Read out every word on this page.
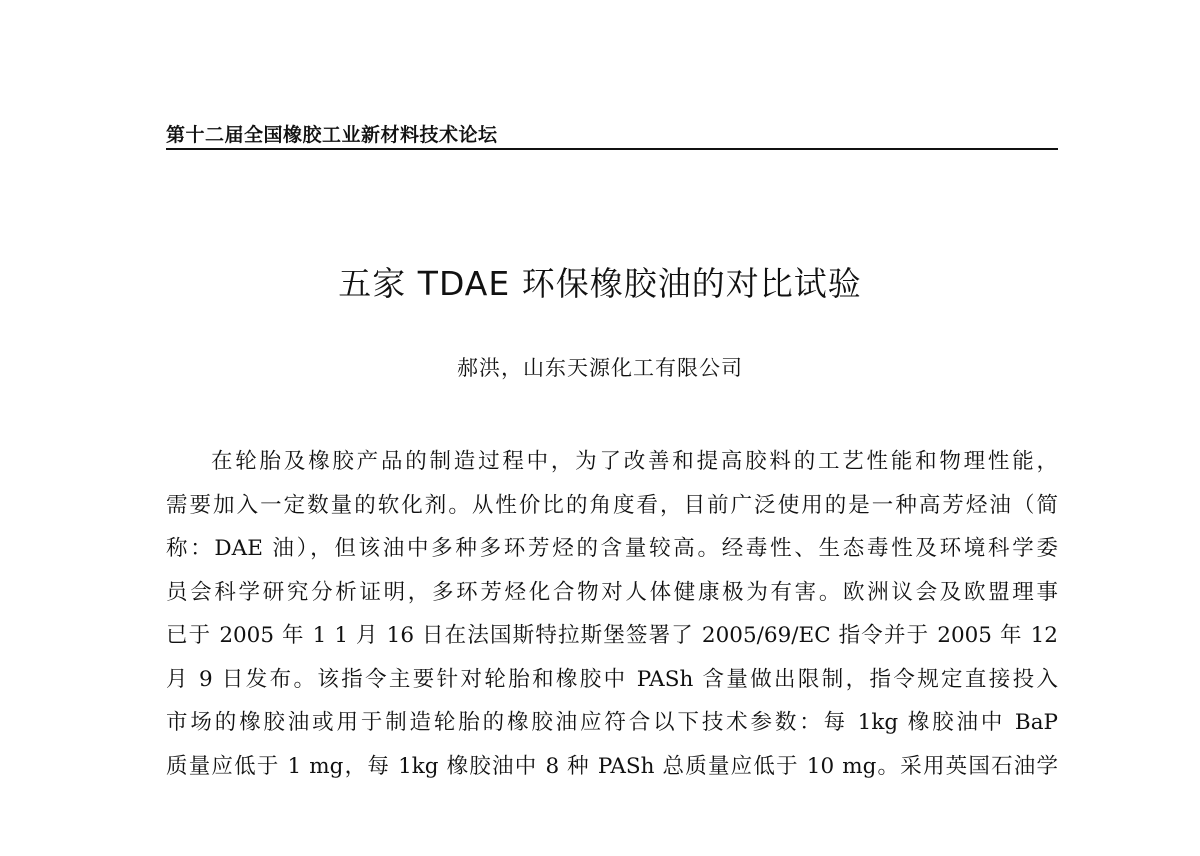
第十二届全国橡胶工业新材料技术论坛
五家 TDAE 环保橡胶油的对比试验
郝洪，山东天源化工有限公司
在轮胎及橡胶产品的制造过程中，为了改善和提高胶料的工艺性能和物理性能，
需要加入一定数量的软化剂。从性价比的角度看，目前广泛使用的是一种高芳烃油（简
称：DAE 油），但该油中多种多环芳烃的含量较高。经毒性、生态毒性及环境科学委
员会科学研究分析证明，多环芳烃化合物对人体健康极为有害。欧洲议会及欧盟理事
已于 2005 年 1 1 月 16 日在法国斯特拉斯堡签署了 2005/69/EC 指令并于 2005 年 12
月 9 日发布。该指令主要针对轮胎和橡胶中 PASh 含量做出限制，指令规定直接投入
市场的橡胶油或用于制造轮胎的橡胶油应符合以下技术参数：每 1kg 橡胶油中 BaP
质量应低于 1 mg，每 1kg 橡胶油中 8 种 PASh 总质量应低于 10 mg。采用英国石油学
